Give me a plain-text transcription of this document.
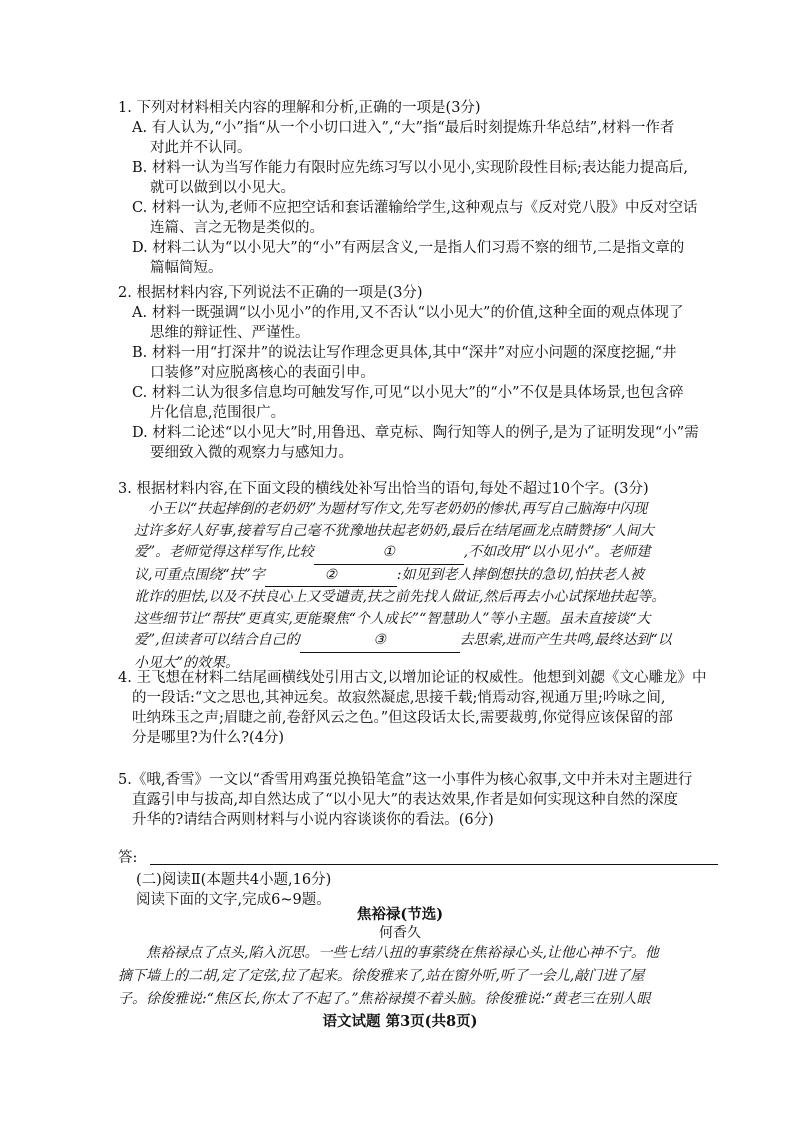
1. 下列对材料相关内容的理解和分析,正确的一项是(3分)

A. 有人认为,“小”指“从一个小切口进入”,“大”指“最后时刻提炼升华总结”,材料一作者
对此并不认同。

B. 材料一认为当写作能力有限时应先练习写以小见小,实现阶段性目标;表达能力提高后,
就可以做到以小见大。

C. 材料一认为,老师不应把空话和套话灌输给学生,这种观点与《反对党八股》中反对空话
连篇、言之无物是类似的。

D. 材料二认为“以小见大”的“小”有两层含义,一是指人们习焉不察的细节,二是指文章的
篇幅简短。

2. 根据材料内容,下列说法不正确的一项是(3分)

A. 材料一既强调“以小见小”的作用,又不否认“以小见大”的价值,这种全面的观点体现了
思维的辩证性、严谨性。

B. 材料一用“打深井”的说法让写作理念更具体,其中“深井”对应小问题的深度挖掘,“井
口装修”对应脱离核心的表面引申。

C. 材料二认为很多信息均可触发写作,可见“以小见大”的“小”不仅是具体场景,也包含碎
片化信息,范围很广。

D. 材料二论述“以小见大”时,用鲁迅、章克标、陶行知等人的例子,是为了证明发现“小”需
要细致入微的观察力与感知力。

3. 根据材料内容,在下面文段的横线处补写出恰当的语句,每处不超过10个字。(3分)

小王以“扶起摔倒的老奶奶”为题材写作文,先写老奶奶的惨状,再写自己脑海中闪现
过许多好人好事,接着写自己毫不犹豫地扶起老奶奶,最后在结尾画龙点睛赞扬“人间大
爱”。老师觉得这样写作,比较	①	,不如改用“以小见小”。老师建
议,可重点围绕“扶”字	②	:如见到老人摔倒想扶的急切,怕扶老人被
讹诈的胆怯,以及不扶良心上又受谴责,扶之前先找人做证,然后再去小心试探地扶起等。
这些细节让“帮扶”更真实,更能聚焦“个人成长”“智慧助人”等小主题。虽未直接谈“大
爱”,但读者可以结合自己的	③	去思索,进而产生共鸣,最终达到“以
小见大”的效果。

4. 王飞想在材料二结尾画横线处引用古文,以增加论证的权威性。他想到刘勰《文心雕龙》中

的一段话:“文之思也,其神远矣。故寂然凝虑,思接千载;悄焉动容,视通万里;吟咏之间,

吐纳珠玉之声;眉睫之前,卷舒风云之色。”但这段话太长,需要裁剪,你觉得应该保留的部

分是哪里?为什么?(4分)

5.《哦,香雪》一文以“香雪用鸡蛋兑换铅笔盒”这一小事件为核心叙事,文中并未对主题进行

直露引申与拔高,却自然达成了“以小见大”的表达效果,作者是如何实现这种自然的深度

升华的?请结合两则材料与小说内容谈谈你的看法。(6分)

答:

(二)阅读Ⅱ(本题共4小题,16分)

阅读下面的文字,完成6~9题。

焦裕禄(节选)
何香久
焦裕禄点了点头,陷入沉思。一些七结八扭的事萦绕在焦裕禄心头,让他心神不宁。他
摘下墙上的二胡,定了定弦,拉了起来。徐俊雅来了,站在窗外听,听了一会儿,敲门进了屋
子。徐俊雅说:“焦区长,你太了不起了。”焦裕禄摸不着头脑。徐俊雅说:“黄老三在别人眼
语文试题 第3页(共8页)
